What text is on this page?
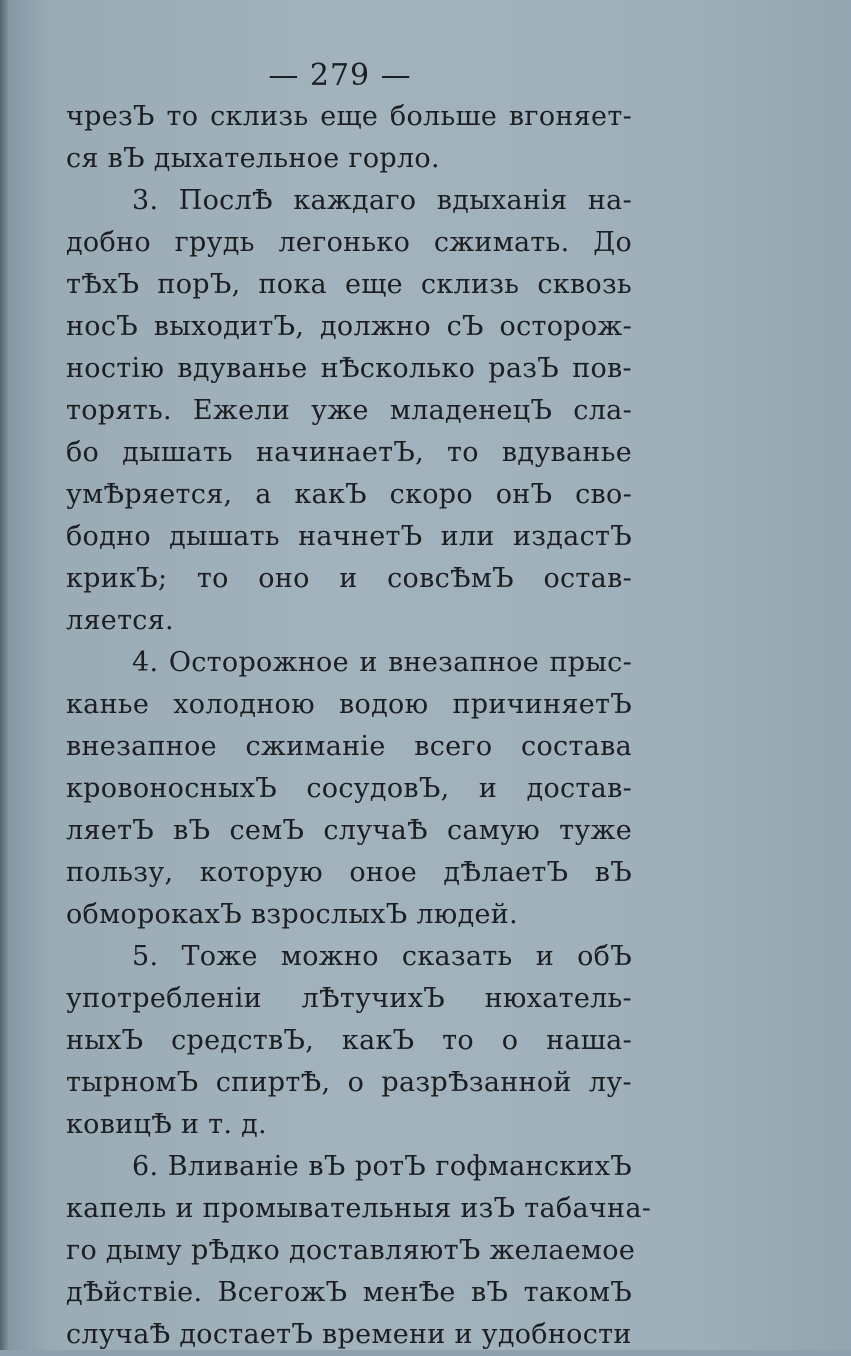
— 279 —
чрезЪ то склизь еще больше вгоняет-
ся вЪ дыхательное горло.
3. ПослѢ каждаго вдыханія на-
добно грудь легонько сжимать. До
тѢхЪ порЪ, пока еще склизь сквозь
носЪ выходитЪ, должно сЪ осторож-
ностію вдуванье нѢсколько разЪ пов-
торять. Ежели уже младенецЪ сла-
бо дышать начинаетЪ, то вдуванье
умѢряется, а какЪ скоро онЪ сво-
бодно дышать начнетЪ или издастЪ
крикЪ; то оно и совсѢмЪ остав-
ляется.
4. Осторожное и внезапное прыс-
канье холодною водою причиняетЪ
внезапное сжиманіе всего состава
кровоносныхЪ сосудовЪ, и достав-
ляетЪ вЪ семЪ случаѢ самую туже
пользу, которую оное дѢлаетЪ вЪ
обморокахЪ взрослыхЪ людей.
5. Тоже можно сказать и обЪ
употребленіи лѢтучихЪ нюхатель-
ныхЪ средствЪ, какЪ то о наша-
тырномЪ спиртѢ, о разрѢзанной лу-
ковицѢ и т. д.
6. Вливаніе вЪ ротЪ гофманскихЪ
капель и промывательныя изЪ табачна-
го дыму рѢдко доставляютЪ желаемое
дѢйствіе. ВсегожЪ менѢе вЪ такомЪ
случаѢ достаетЪ времени и удобности
